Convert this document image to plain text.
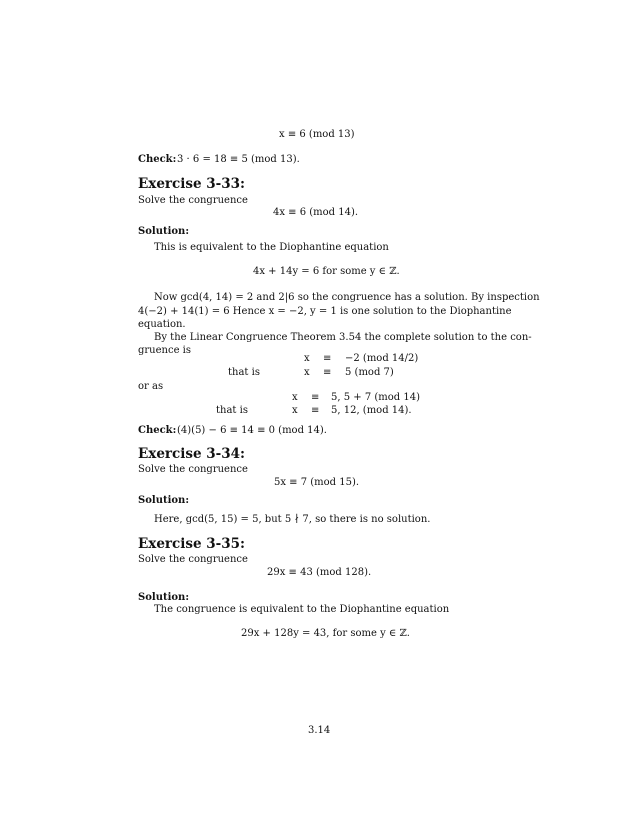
x ≡ 6 (mod 13)
Check: 3 · 6 = 18 ≡ 5 (mod 13).
Exercise 3-33:
Solve the congruence
4x ≡ 6 (mod 14).
Solution:
This is equivalent to the Diophantine equation
4x + 14y = 6 for some y ∈ ℤ.
Now gcd(4, 14) = 2 and 2|6 so the congruence has a solution. By inspection
4(−2) + 14(1) = 6 Hence x = −2, y = 1 is one solution to the Diophantine
equation.
By the Linear Congruence Theorem 3.54 the complete solution to the con-
gruence is
x ≡ −2 (mod 14/2)
that is	x ≡ 5 (mod 7)
or as
x ≡ 5, 5 + 7 (mod 14)
that is	x ≡ 5, 12, (mod 14).
Check: (4)(5) − 6 ≡ 14 ≡ 0 (mod 14).
Exercise 3-34:
Solve the congruence
5x ≡ 7 (mod 15).
Solution:
Here, gcd(5, 15) = 5, but 5 ∤ 7, so there is no solution.
Exercise 3-35:
Solve the congruence
29x ≡ 43 (mod 128).
Solution:
The congruence is equivalent to the Diophantine equation
29x + 128y = 43, for some y ∈ ℤ.
3.14
